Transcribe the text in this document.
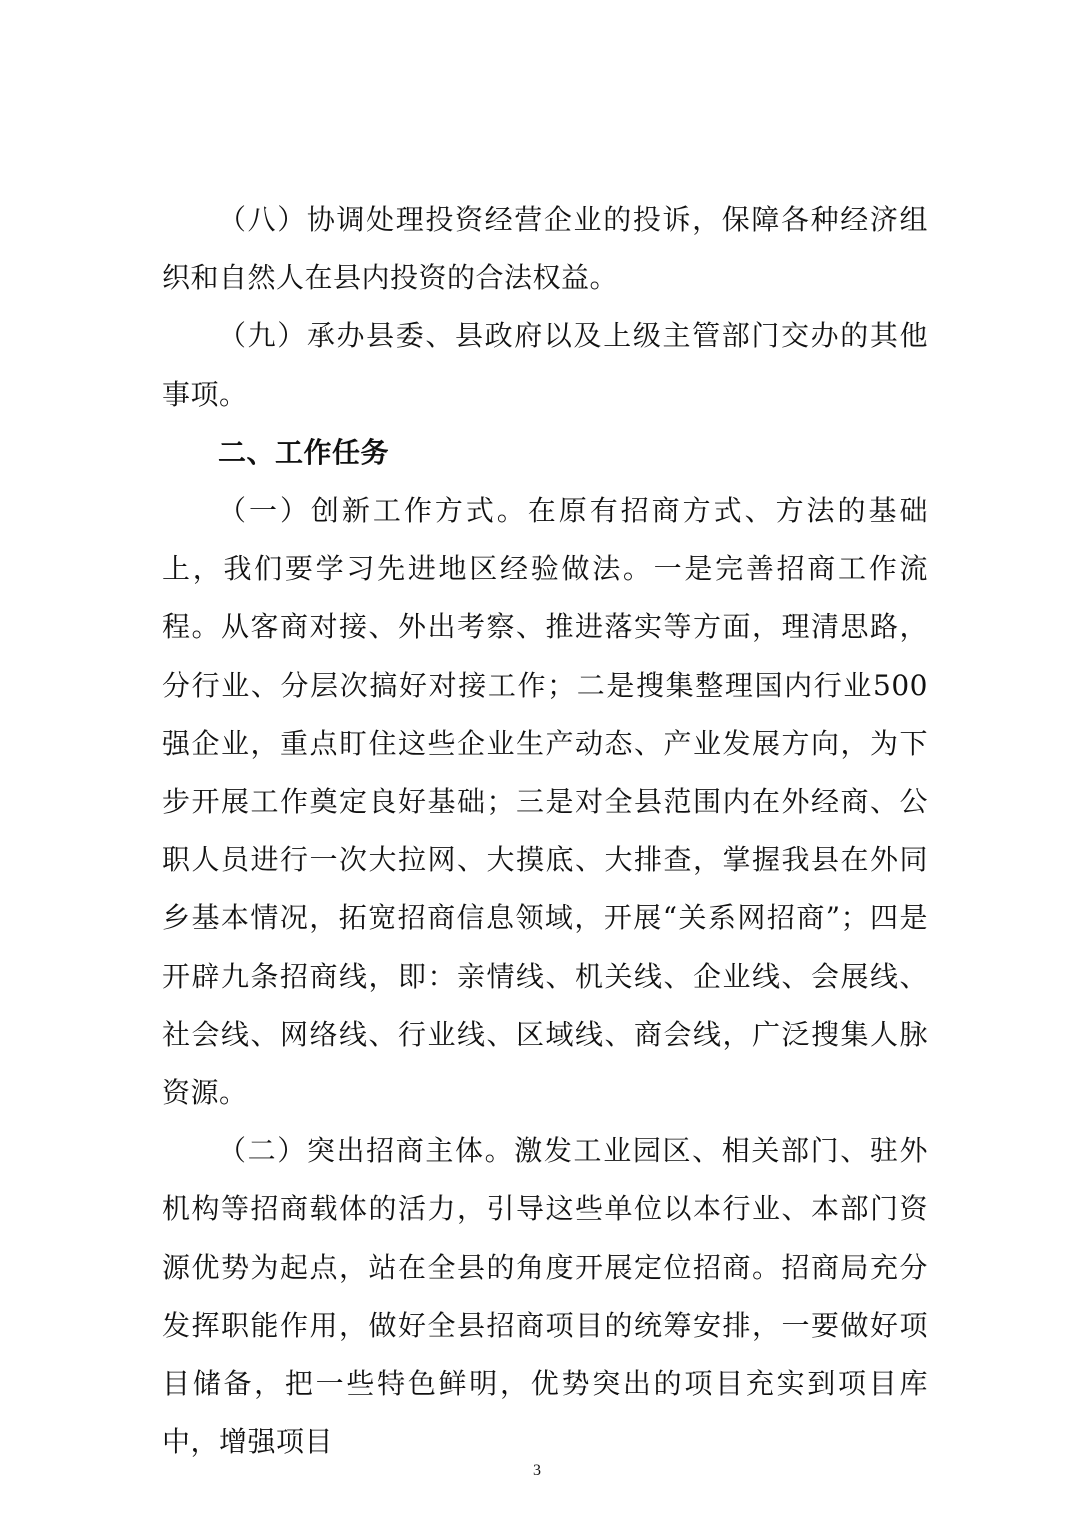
（八）协调处理投资经营企业的投诉，保障各种经济组织和自然人在县内投资的合法权益。

（九）承办县委、县政府以及上级主管部门交办的其他事项。

二、工作任务

（一）创新工作方式。在原有招商方式、方法的基础上，我们要学习先进地区经验做法。一是完善招商工作流程。从客商对接、外出考察、推进落实等方面，理清思路，分行业、分层次搞好对接工作；二是搜集整理国内行业500强企业，重点盯住这些企业生产动态、产业发展方向，为下步开展工作奠定良好基础；三是对全县范围内在外经商、公职人员进行一次大拉网、大摸底、大排查，掌握我县在外同乡基本情况，拓宽招商信息领域，开展“关系网招商”；四是开辟九条招商线，即：亲情线、机关线、企业线、会展线、社会线、网络线、行业线、区域线、商会线，广泛搜集人脉资源。

（二）突出招商主体。激发工业园区、相关部门、驻外机构等招商载体的活力，引导这些单位以本行业、本部门资源优势为起点，站在全县的角度开展定位招商。招商局充分发挥职能作用，做好全县招商项目的统筹安排，一要做好项目储备，把一些特色鲜明，优势突出的项目充实到项目库中，增强项目

3
